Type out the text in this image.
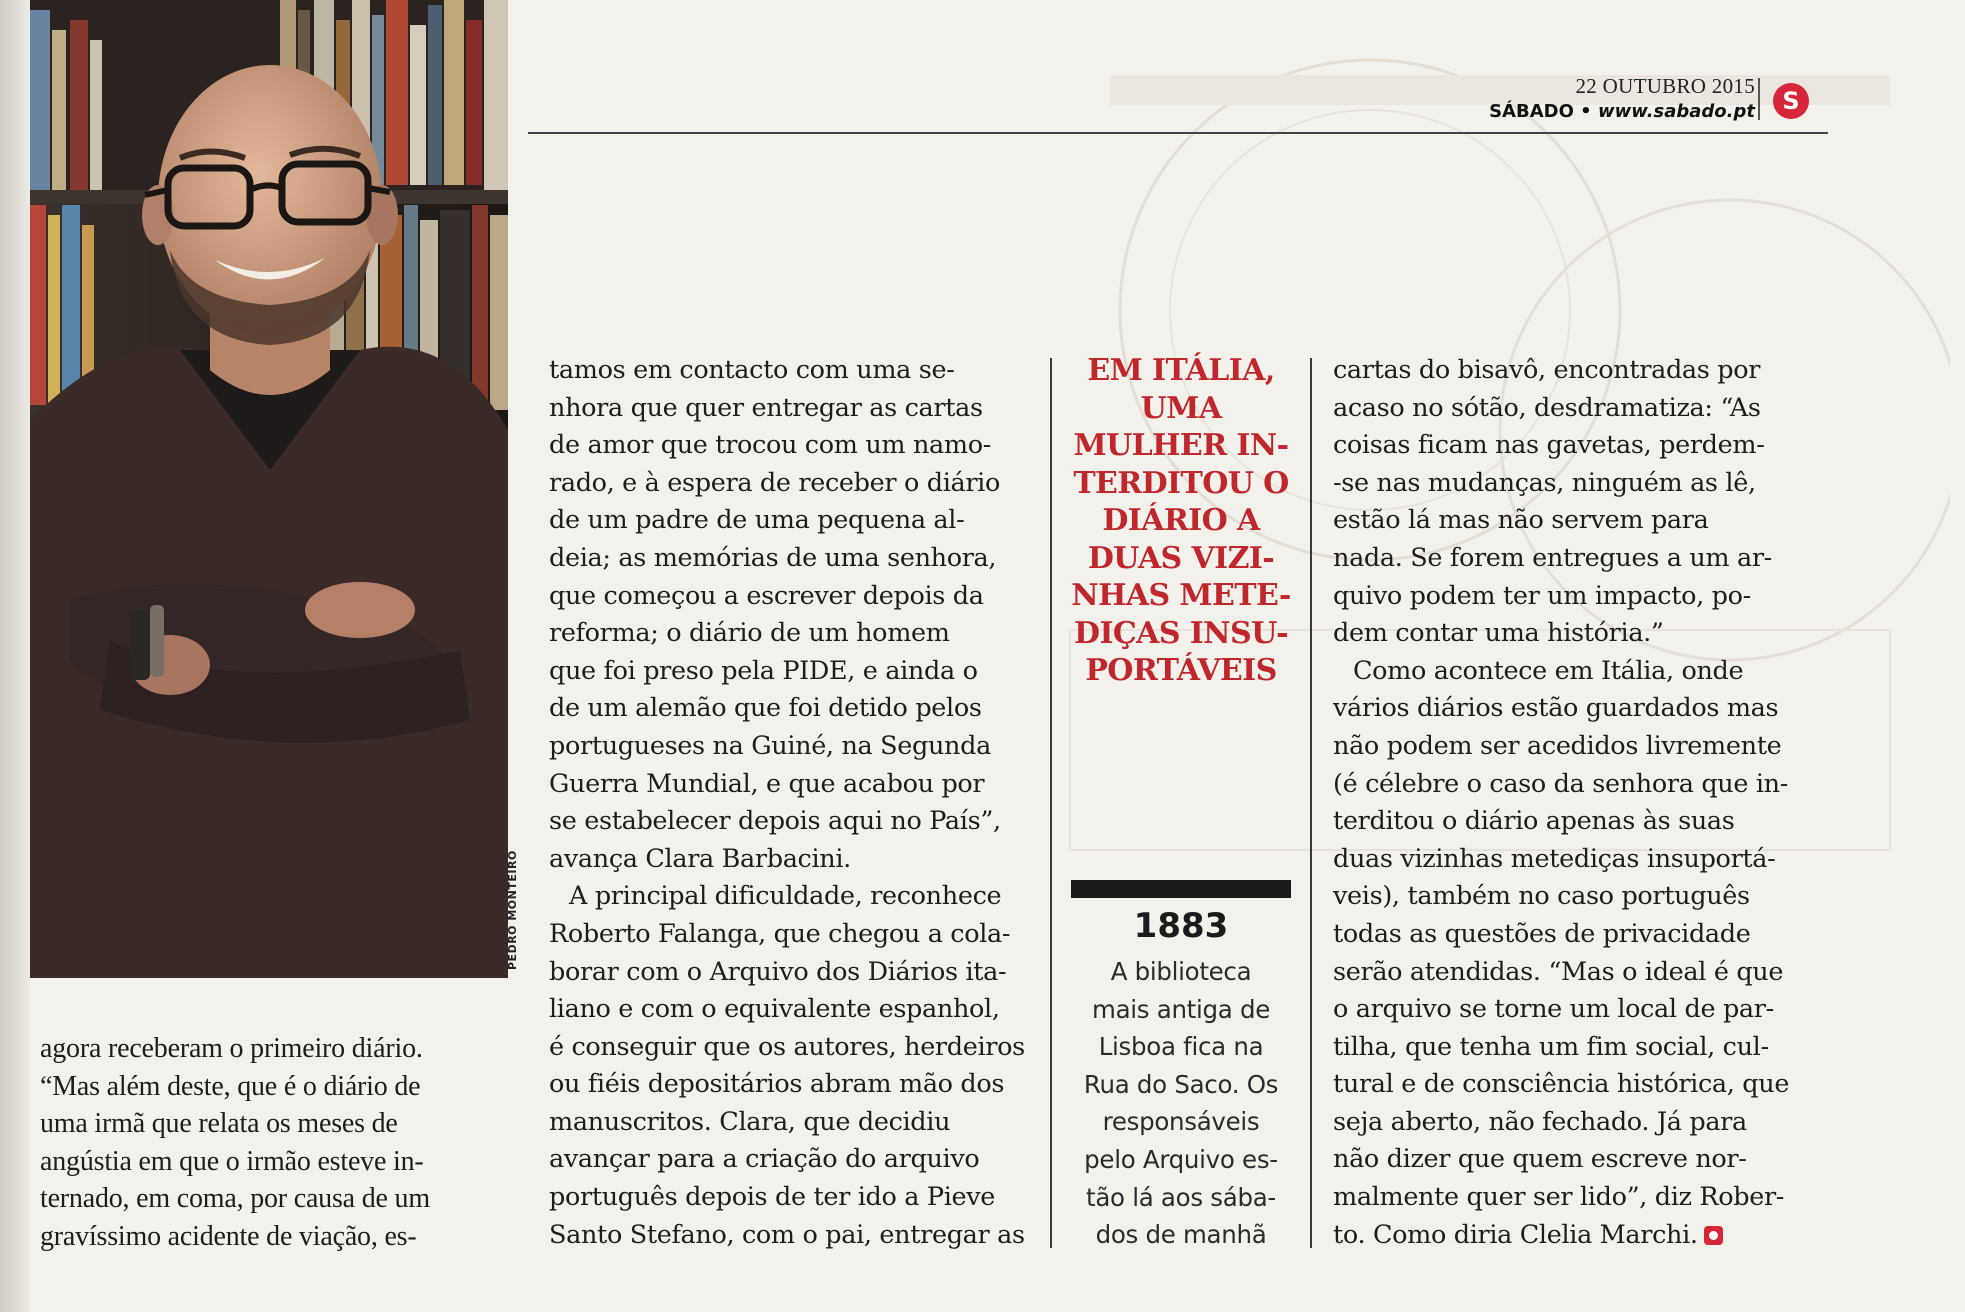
PEDRO MONTEIRO
22 OUTUBRO 2015
SÁBADO • www.sabado.pt	S

agora receberam o primeiro diário.

“Mas além deste, que é o diário de

uma irmã que relata os meses de

angústia em que o irmão esteve in-

ternado, em coma, por causa de um

gravíssimo acidente de viação, es-

tamos em contacto com uma se-

nhora que quer entregar as cartas

de amor que trocou com um namo-

rado, e à espera de receber o diário

de um padre de uma pequena al-

deia; as memórias de uma senhora,

que começou a escrever depois da

reforma; o diário de um homem

que foi preso pela PIDE, e ainda o

de um alemão que foi detido pelos

portugueses na Guiné, na Segunda

Guerra Mundial, e que acabou por

se estabelecer depois aqui no País”,

avança Clara Barbacini.

A principal dificuldade, reconhece

Roberto Falanga, que chegou a cola-

borar com o Arquivo dos Diários ita-

liano e com o equivalente espanhol,

é conseguir que os autores, herdeiros

ou fiéis depositários abram mão dos

manuscritos. Clara, que decidiu

avançar para a criação do arquivo

português depois de ter ido a Pieve

Santo Stefano, com o pai, entregar as

EM ITÁLIA,
UMA
MULHER IN-
TERDITOU O
DIÁRIO A
DUAS VIZI-
NHAS METE-
DIÇAS INSU-
PORTÁVEIS
1883
A biblioteca
mais antiga de
Lisboa fica na
Rua do Saco. Os
responsáveis
pelo Arquivo es-
tão lá aos sába-
dos de manhã

cartas do bisavô, encontradas por

acaso no sótão, desdramatiza: “As

coisas ficam nas gavetas, perdem-

-se nas mudanças, ninguém as lê,

estão lá mas não servem para

nada. Se forem entregues a um ar-

quivo podem ter um impacto, po-

dem contar uma história.”

Como acontece em Itália, onde

vários diários estão guardados mas

não podem ser acedidos livremente

(é célebre o caso da senhora que in-

terditou o diário apenas às suas

duas vizinhas metediças insuportá-

veis), também no caso português

todas as questões de privacidade

serão atendidas. “Mas o ideal é que

o arquivo se torne um local de par-

tilha, que tenha um fim social, cul-

tural e de consciência histórica, que

seja aberto, não fechado. Já para

não dizer que quem escreve nor-

malmente quer ser lido”, diz Rober-

to. Como diria Clelia Marchi.
